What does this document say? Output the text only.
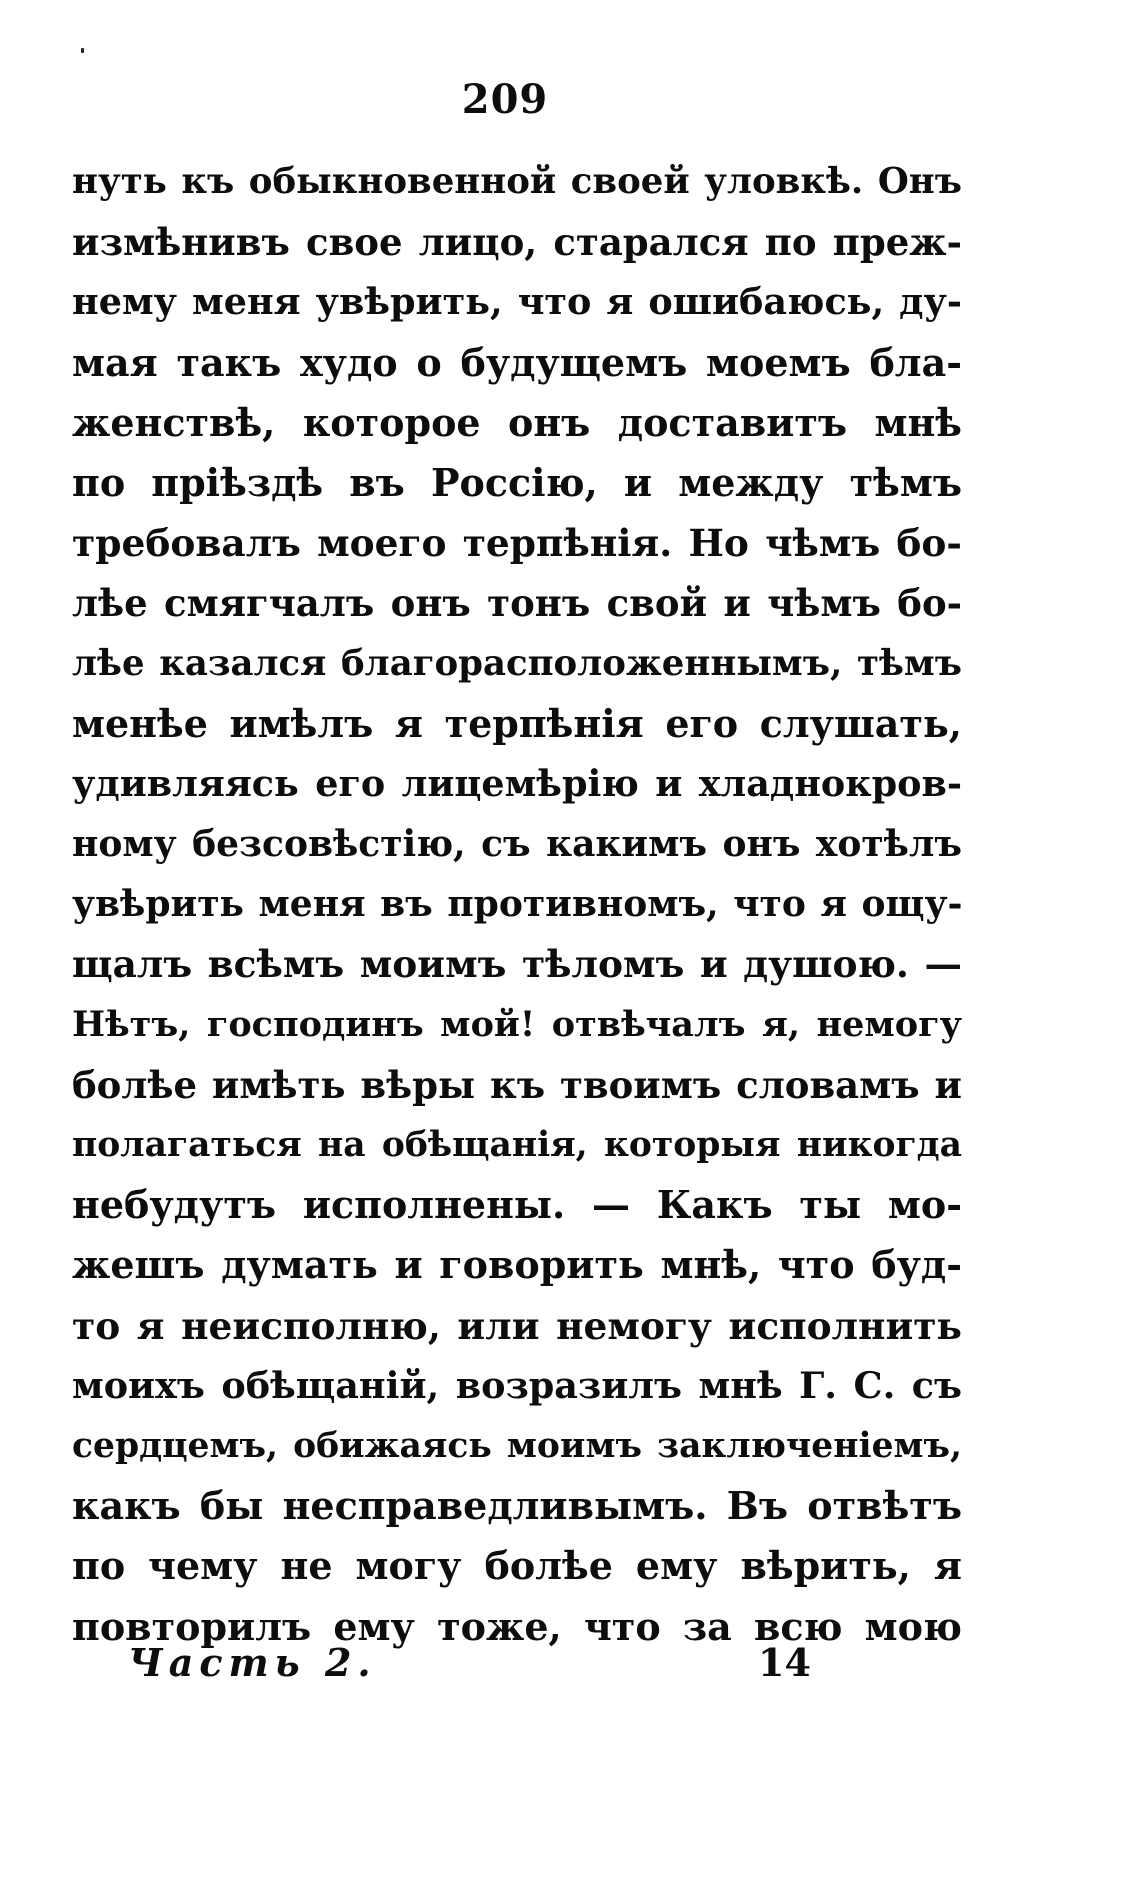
209
нуть къ обыкновенной своей уловкѣ. Онъ
измѣнивъ свое лицо, старался по преж-
нему меня увѣрить, что я ошибаюсь, ду-
мая такъ худо о будущемъ моемъ бла-
женствѣ, которое онъ доставитъ мнѣ
по пріѣздѣ въ Россію, и между тѣмъ
требовалъ моего терпѣнія. Но чѣмъ бо-
лѣе смягчалъ онъ тонъ свой и чѣмъ бо-
лѣе казался благорасположеннымъ, тѣмъ
менѣе имѣлъ я терпѣнія его слушать,
удивляясь его лицемѣрію и хладнокров-
ному безсовѣстію, съ какимъ онъ хотѣлъ
увѣрить меня въ противномъ, что я ощу-
щалъ всѣмъ моимъ тѣломъ и душою. —
Нѣтъ, господинъ мой! отвѣчалъ я, немогу
болѣе имѣть вѣры къ твоимъ словамъ и
полагаться на обѣщанія, которыя никогда
небудутъ исполнены. — Какъ ты мо-
жешъ думать и говорить мнѣ, что буд-
то я неисполню, или немогу исполнить
моихъ обѣщаній, возразилъ мнѣ Г. С. съ
сердцемъ, обижаясь моимъ заключеніемъ,
какъ бы несправедливымъ. Въ отвѣтъ
по чему не могу болѣе ему вѣрить, я
повторилъ ему тоже, что за всю мою
Часть 2.	14
